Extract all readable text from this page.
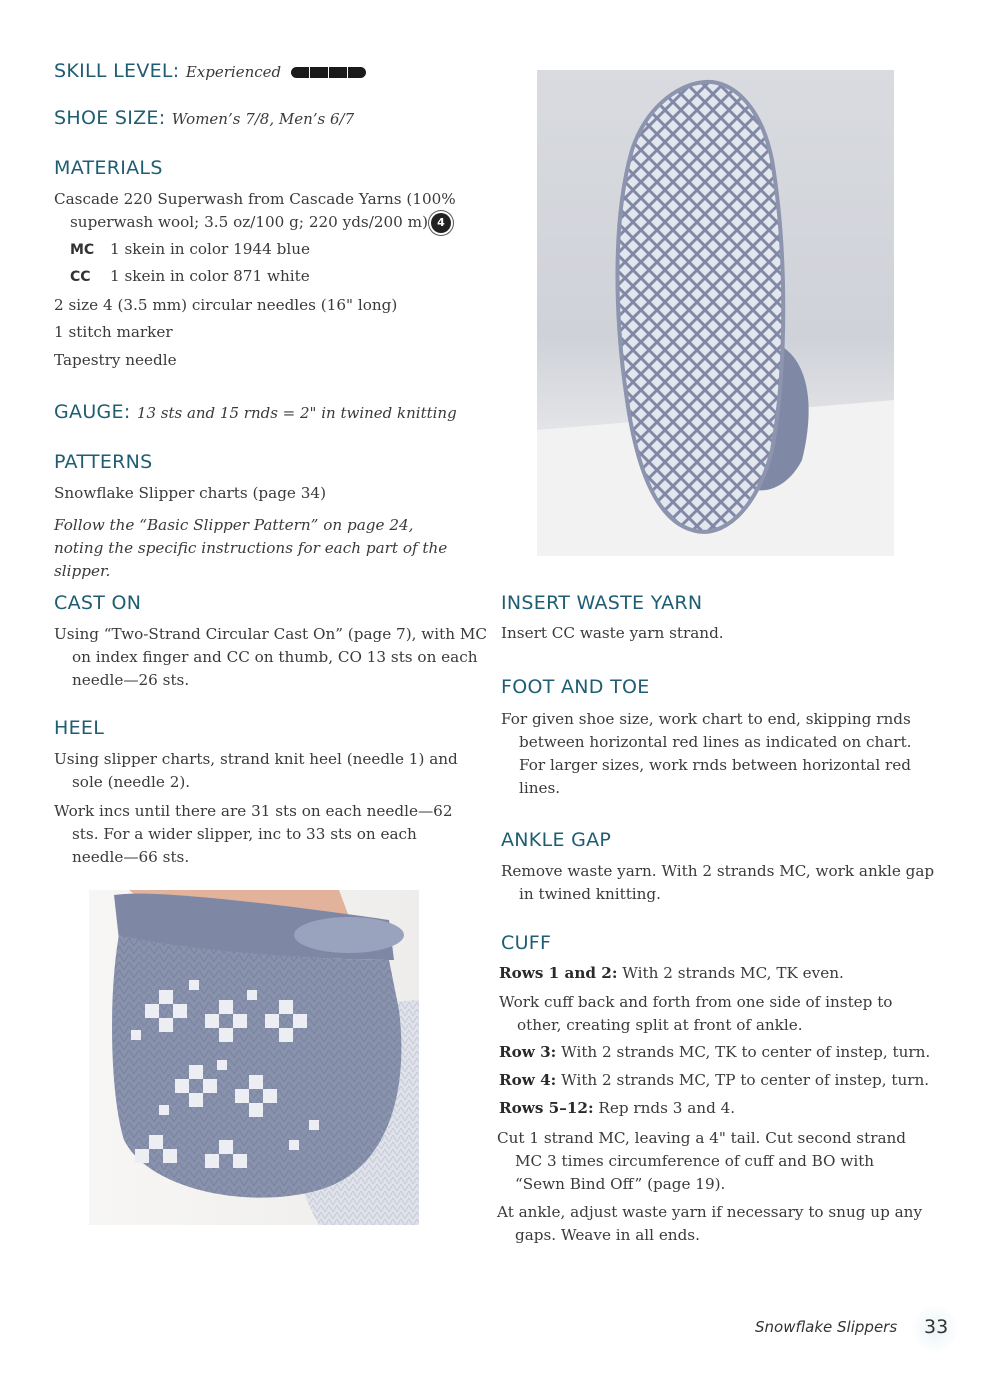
SKILL LEVEL: Experienced
SHOE SIZE: Women’s 7/8, Men’s 6/7
MATERIALS

Cascade 220 Superwash from Cascade Yarns (100%

superwash wool; 3.5 oz/100 g; 220 yds/200 m) 4

MC 1 skein in color 1944 blue

CC 1 skein in color 871 white

2 size 4 (3.5 mm) circular needles (16" long)

1 stitch marker

Tapestry needle

GAUGE: 13 sts and 15 rnds = 2" in twined knitting
PATTERNS

Snowflake Slipper charts (page 34)

Follow the “Basic Slipper Pattern” on page 24, noting the specific instructions for each part of the slipper.

CAST ON

Using “Two-Strand Circular Cast On” (page 7), with MC on index finger and CC on thumb, CO 13 sts on each needle—26 sts.

HEEL

Using slipper charts, strand knit heel (needle 1) and sole (needle 2).

Work incs until there are 31 sts on each needle—62 sts. For a wider slipper, inc to 33 sts on each needle—66 sts.

INSERT WASTE YARN

Insert CC waste yarn strand.

FOOT AND TOE

For given shoe size, work chart to end, skipping rnds between horizontal red lines as indicated on chart. For larger sizes, work rnds between horizontal red lines.

ANKLE GAP

Remove waste yarn. With 2 strands MC, work ankle gap in twined knitting.

CUFF

Rows 1 and 2: With 2 strands MC, TK even.

Work cuff back and forth from one side of instep to other, creating split at front of ankle.

Row 3: With 2 strands MC, TK to center of instep, turn.

Row 4: With 2 strands MC, TP to center of instep, turn.

Rows 5–12: Rep rnds 3 and 4.

Cut 1 strand MC, leaving a 4" tail. Cut second strand MC 3 times circumference of cuff and BO with “Sewn Bind Off” (page 19).

At ankle, adjust waste yarn if necessary to snug up any gaps. Weave in all ends.

Snowflake Slippers 33
